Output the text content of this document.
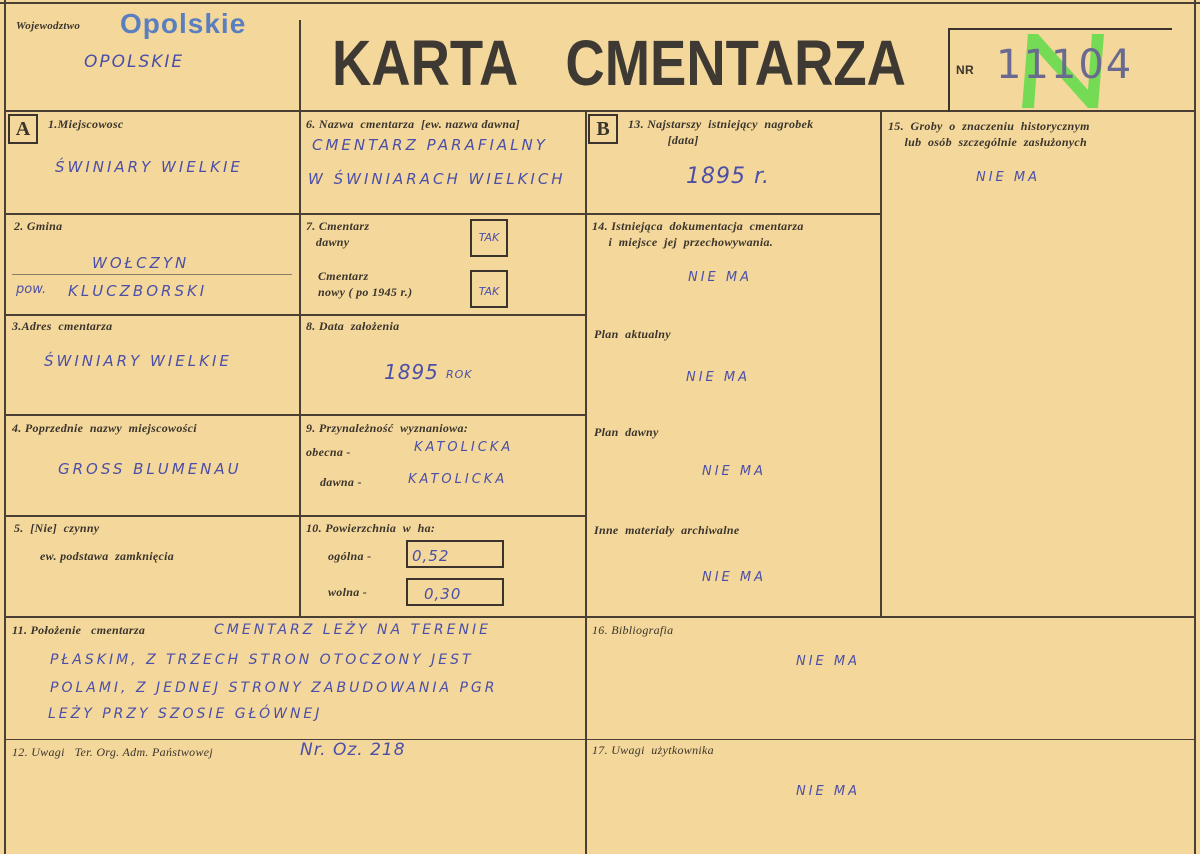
Wojewodztwo Opolskie
OPOLSKIE KARTA CMENTARZA	NR 11104
A	B
1.Miejscowosc
ŚWINIARY WIELKIE
2. Gmina
WOŁCZYN
pow. KLUCZBORSKI
3.Adres  cmentarza
ŚWINIARY WIELKIE
4. Poprzednie  nazwy  miejscowości
GROSS BLUMENAU
5.  [Nie]  czynny
ew. podstawa  zamknięcia
6. Nazwa  cmentarza  [ew. nazwa dawna]
CMENTARZ PARAFIALNY
W ŚWINIARACH WIELKICH
7. Cmentarz
dawny	TAK
Cmentarz
nowy ( po 1945 r.)	TAK
8. Data  założenia
1895 ROK
9. Przynależność  wyznaniowa:
obecna -	KATOLICKA
dawna -	KATOLICKA
10. Powierzchnia  w  ha:
ogólna -	0,52
wolna -	0,30
13. Najstarszy  istniejący  nagrobek
[data]
1895 r.
14. Istniejąca  dokumentacja  cmentarza
i  miejsce  jej  przechowywania.
NIE MA
Plan  aktualny
NIE MA
Plan  dawny
NIE MA
Inne  materiały  archiwalne
NIE MA
15.  Groby  o  znaczeniu  historycznym
lub  osób  szczególnie  zasłużonych
NIE MA
11. Położenie   cmentarza	CMENTARZ LEŻY NA TERENIE
PŁASKIM, Z TRZECH STRON OTOCZONY JEST
POLAMI, Z JEDNEJ STRONY ZABUDOWANIA PGR
LEŻY PRZY SZOSIE GŁÓWNEJ
12. Uwagi   Ter. Org. Adm. Państwowej	Nr. Oz. 218
16. Bibliografia
NIE MA
17. Uwagi  użytkownika
NIE MA
